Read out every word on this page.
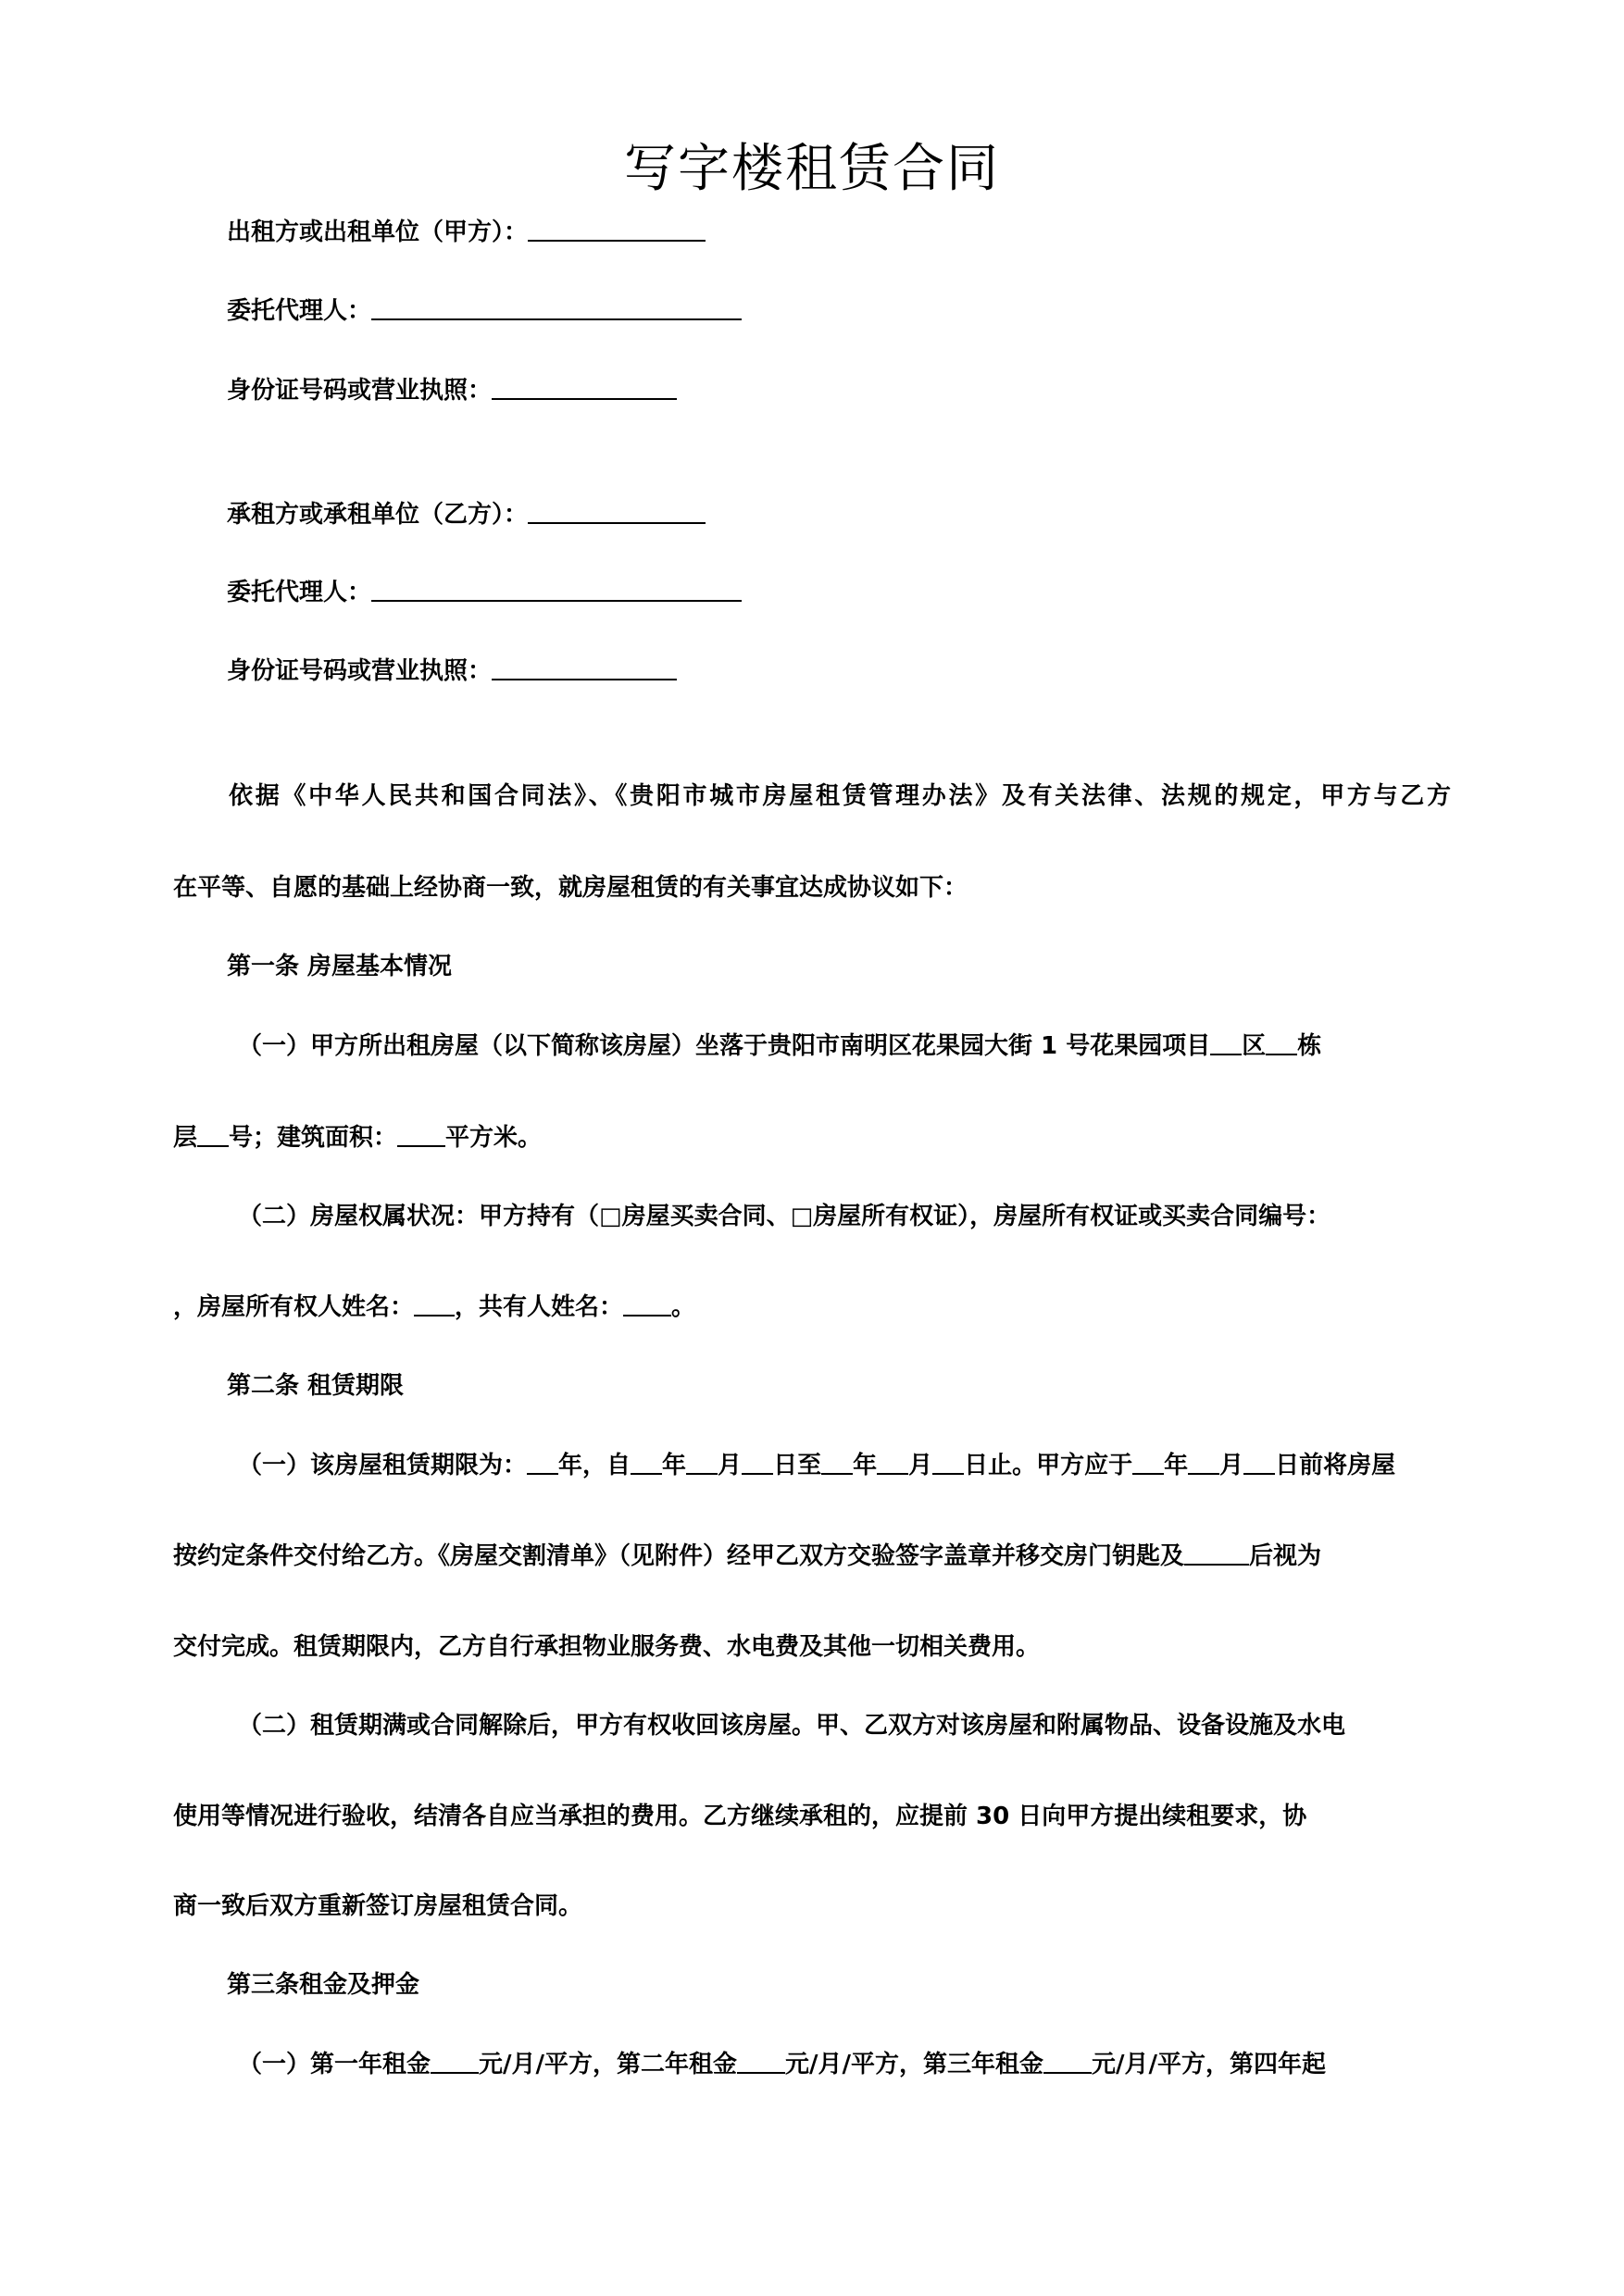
写字楼租赁合同
出租方或出租单位（甲方）：
委托代理人：
身份证号码或营业执照：
承租方或承租单位（乙方）：
委托代理人：
身份证号码或营业执照：
依据《中华人民共和国合同法》、《贵阳市城市房屋租赁管理办法》及有关法律、法规的规定，甲方与乙方
在平等、自愿的基础上经协商一致，就房屋租赁的有关事宜达成协议如下：
第一条 房屋基本情况
（一）甲方所出租房屋（以下简称该房屋）坐落于贵阳市南明区花果园大街 1 号花果园项目 区 栋
层 号；建筑面积： 平方米。
（二）房屋权属状况：甲方持有（□房屋买卖合同、□房屋所有权证），房屋所有权证或买卖合同编号：
，房屋所有权人姓名： ，共有人姓名： 。
第二条 租赁期限
（一）该房屋租赁期限为： 年，自 年 月 日至 年 月 日止。甲方应于 年 月 日前将房屋
按约定条件交付给乙方。《房屋交割清单》（见附件）经甲乙双方交验签字盖章并移交房门钥匙及	后视为
交付完成。租赁期限内，乙方自行承担物业服务费、水电费及其他一切相关费用。
（二）租赁期满或合同解除后，甲方有权收回该房屋。甲、乙双方对该房屋和附属物品、设备设施及水电
使用等情况进行验收，结清各自应当承担的费用。乙方继续承租的，应提前 30 日向甲方提出续租要求，协
商一致后双方重新签订房屋租赁合同。
第三条租金及押金
（一）第一年租金 元/月/平方，第二年租金 元/月/平方，第三年租金 元/月/平方，第四年起
